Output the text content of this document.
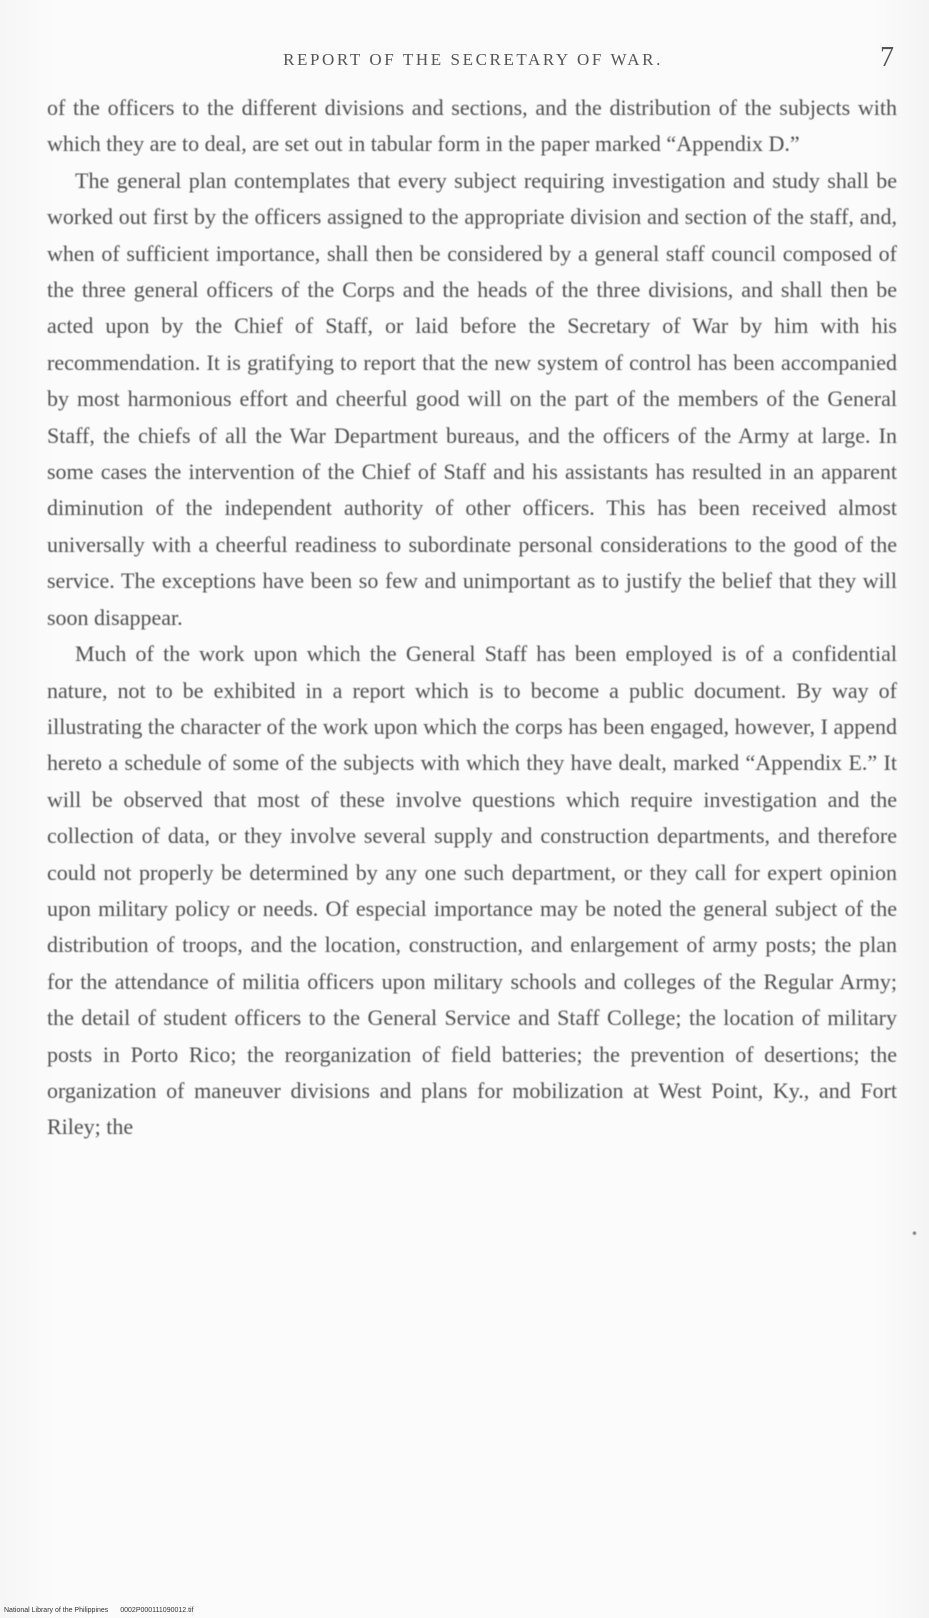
REPORT OF THE SECRETARY OF WAR.	7

of the officers to the different divisions and sections, and the distribution of the subjects with which they are to deal, are set out in tabular form in the paper marked “Appendix D.”

The general plan contemplates that every subject requiring investigation and study shall be worked out first by the officers assigned to the appropriate division and section of the staff, and, when of sufficient importance, shall then be considered by a general staff council composed of the three general officers of the Corps and the heads of the three divisions, and shall then be acted upon by the Chief of Staff, or laid before the Secretary of War by him with his recommendation. It is gratifying to report that the new system of control has been accompanied by most harmonious effort and cheerful good will on the part of the members of the General Staff, the chiefs of all the War Department bureaus, and the officers of the Army at large. In some cases the intervention of the Chief of Staff and his assistants has resulted in an apparent diminution of the independent authority of other officers. This has been received almost universally with a cheerful readiness to subordinate personal considerations to the good of the service. The exceptions have been so few and unimportant as to justify the belief that they will soon disappear.

Much of the work upon which the General Staff has been employed is of a confidential nature, not to be exhibited in a report which is to become a public document. By way of illustrating the character of the work upon which the corps has been engaged, however, I append hereto a schedule of some of the subjects with which they have dealt, marked “Appendix E.” It will be observed that most of these involve questions which require investigation and the collection of data, or they involve several supply and construction departments, and therefore could not properly be determined by any one such department, or they call for expert opinion upon military policy or needs. Of especial importance may be noted the general subject of the distribution of troops, and the location, construction, and enlargement of army posts; the plan for the attendance of militia officers upon military schools and colleges of the Regular Army; the detail of student officers to the General Service and Staff College; the location of military posts in Porto Rico; the reorganization of field batteries; the prevention of desertions; the organization of maneuver divisions and plans for mobilization at West Point, Ky., and Fort Riley; the

•
National Library of the Philippines 0002P000111090012.tif
